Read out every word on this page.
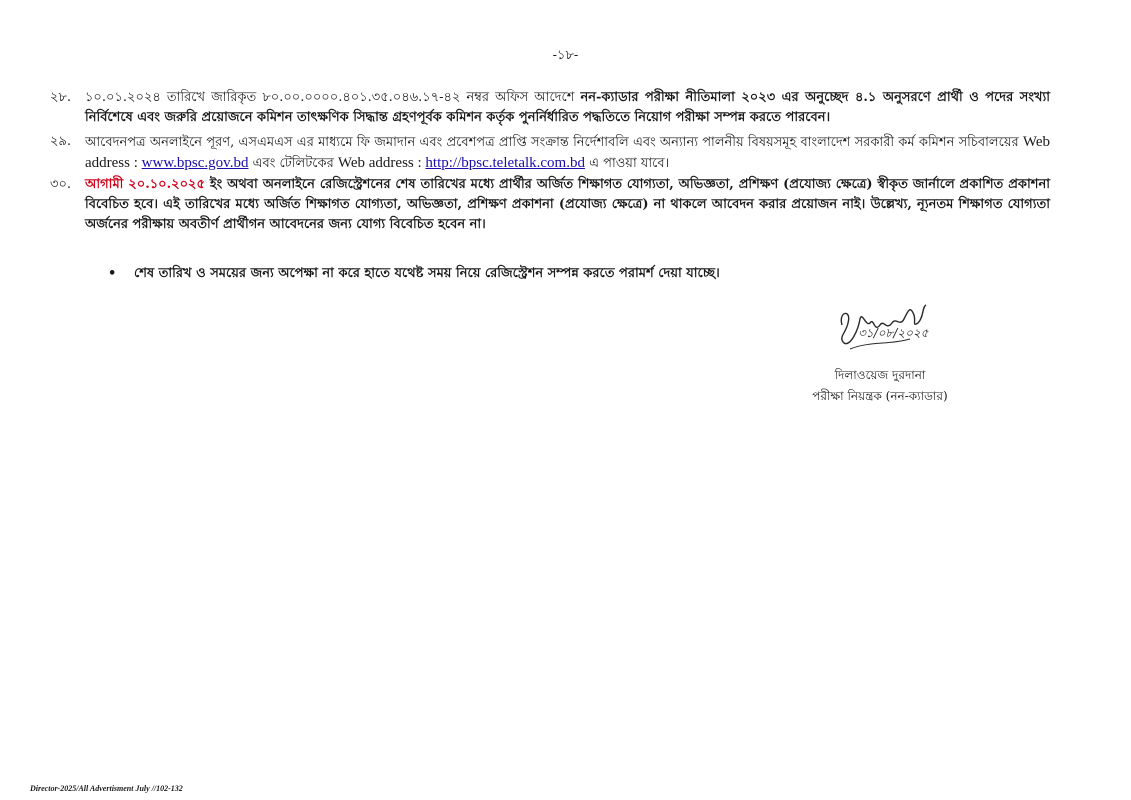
-১৮-
২৮.	১০.০১.২০২৪ তারিখে জারিকৃত ৮০.০০.০০০০.৪০১.৩৫.০৪৬.১৭-৪২ নম্বর অফিস আদেশে নন-ক্যাডার পরীক্ষা নীতিমালা ২০২৩ এর অনুচ্ছেদ ৪.১ অনুসরণে প্রার্থী ও পদের সংখ্যা নির্বিশেষে এবং জরুরি প্রয়োজনে কমিশন তাৎক্ষণিক সিদ্ধান্ত গ্রহণপূর্বক কমিশন কর্তৃক পুনর্নির্ধারিত পদ্ধতিতে নিয়োগ পরীক্ষা সম্পন্ন করতে পারবেন।
২৯.	আবেদনপত্র অনলাইনে পূরণ, এসএমএস এর মাধ্যমে ফি জমাদান এবং প্রবেশপত্র প্রাপ্তি সংক্রান্ত নির্দেশাবলি এবং অন্যান্য পালনীয় বিষয়সমূহ বাংলাদেশ সরকারী কর্ম কমিশন সচিবালয়ের Web address : www.bpsc.gov.bd এবং টেলিটকের Web address : http://bpsc.teletalk.com.bd এ পাওয়া যাবে।
৩০.	আগামী ২০.১০.২০২৫ ইং অথবা অনলাইনে রেজিস্ট্রেশনের শেষ তারিখের মধ্যে প্রার্থীর অর্জিত শিক্ষাগত যোগ্যতা, অভিজ্ঞতা, প্রশিক্ষণ (প্রযোজ্য ক্ষেত্রে) স্বীকৃত জার্নালে প্রকাশিত প্রকাশনা বিবেচিত হবে। এই তারিখের মধ্যে অর্জিত শিক্ষাগত যোগ্যতা, অভিজ্ঞতা, প্রশিক্ষণ প্রকাশনা (প্রযোজ্য ক্ষেত্রে) না থাকলে আবেদন করার প্রয়োজন নাই। উল্লেখ্য, ন্যূনতম শিক্ষাগত যোগ্যতা অর্জনের পরীক্ষায় অবতীর্ণ প্রার্থীগন আবেদনের জন্য যোগ্য বিবেচিত হবেন না।
• শেষ তারিখ ও সময়ের জন্য অপেক্ষা না করে হাতে যথেষ্ট সময় নিয়ে রেজিস্ট্রেশন সম্পন্ন করতে পরামর্শ দেয়া যাচ্ছে।
৩১/০৮/২০২৫
দিলাওয়েজ দুরদানা
পরীক্ষা নিয়ন্ত্রক (নন-ক্যাডার)
Director-2025/All Advertisment July //102-132
